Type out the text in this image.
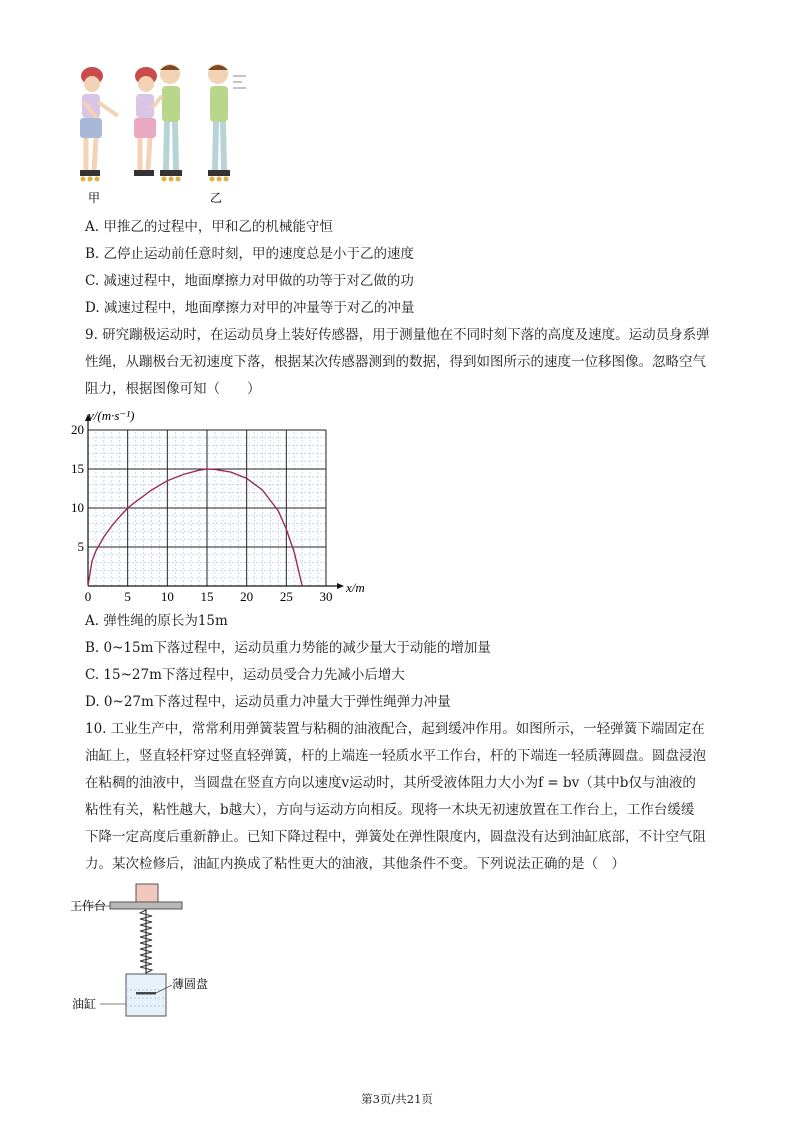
甲	乙
A. 甲推乙的过程中，甲和乙的机械能守恒
B. 乙停止运动前任意时刻，甲的速度总是小于乙的速度
C. 减速过程中，地面摩擦力对甲做的功等于对乙做的功
D. 减速过程中，地面摩擦力对甲的冲量等于对乙的冲量
9. 研究蹦极运动时，在运动员身上装好传感器，用于测量他在不同时刻下落的高度及速度。运动员身系弹
性绳，从蹦极台无初速度下落，根据某次传感器测到的数据，得到如图所示的速度一位移图像。忽略空气
阻力，根据图像可知（　　）
0	5 10 15 20 25 30
5
10
15
20
v/(m·s⁻¹)
x/m
A. 弹性绳的原长为15m
B. 0~15m下落过程中，运动员重力势能的减少量大于动能的增加量
C. 15~27m下落过程中，运动员受合力先减小后增大
D. 0~27m下落过程中，运动员重力冲量大于弹性绳弹力冲量
10. 工业生产中，常常利用弹簧装置与粘稠的油液配合，起到缓冲作用。如图所示，一轻弹簧下端固定在
油缸上，竖直轻杆穿过竖直轻弹簧，杆的上端连一轻质水平工作台，杆的下端连一轻质薄圆盘。圆盘浸泡
在粘稠的油液中，当圆盘在竖直方向以速度v运动时，其所受液体阻力大小为f = bv（其中b仅与油液的
粘性有关，粘性越大，b越大），方向与运动方向相反。现将一木块无初速放置在工作台上，工作台缓缓
下降一定高度后重新静止。已知下降过程中，弹簧处在弹性限度内，圆盘没有达到油缸底部，不计空气阻
力。某次检修后，油缸内换成了粘性更大的油液，其他条件不变。下列说法正确的是（　）
工作台
薄圆盘
油缸
第3页/共21页
